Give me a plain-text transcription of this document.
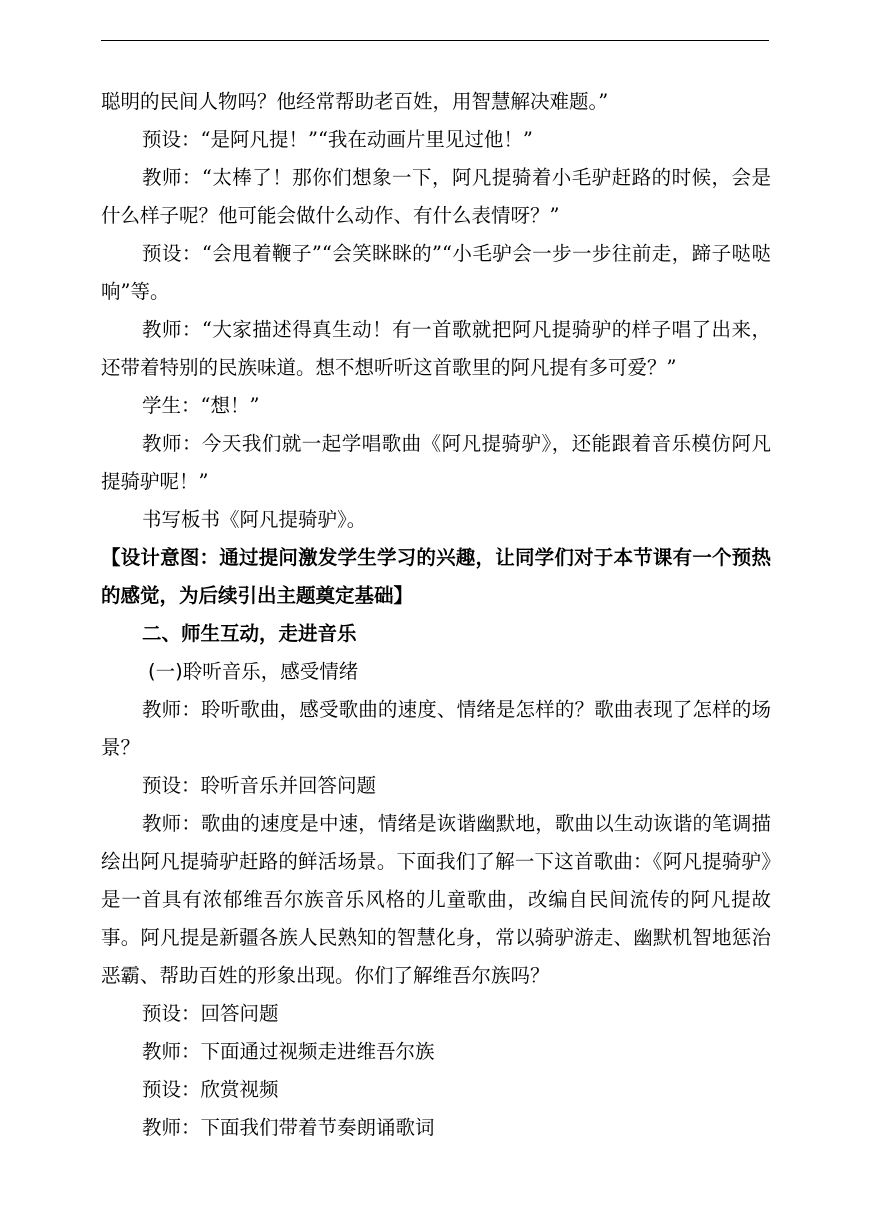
聪明的民间人物吗？他经常帮助老百姓，用智慧解决难题。”

预设：“是阿凡提！”“我在动画片里见过他！”

教师：“太棒了！那你们想象一下，阿凡提骑着小毛驴赶路的时候，会是什么样子呢？他可能会做什么动作、有什么表情呀？”

预设：“会甩着鞭子”“会笑眯眯的”“小毛驴会一步一步往前走，蹄子哒哒响”等。

教师：“大家描述得真生动！有一首歌就把阿凡提骑驴的样子唱了出来，还带着特别的民族味道。想不想听听这首歌里的阿凡提有多可爱？”

学生：“想！”

教师：今天我们就一起学唱歌曲《阿凡提骑驴》，还能跟着音乐模仿阿凡提骑驴呢！”

书写板书《阿凡提骑驴》。

【设计意图：通过提问激发学生学习的兴趣，让同学们对于本节课有一个预热的感觉，为后续引出主题奠定基础】

二、师生互动，走进音乐

(一)聆听音乐，感受情绪

教师：聆听歌曲，感受歌曲的速度、情绪是怎样的？歌曲表现了怎样的场景？

预设：聆听音乐并回答问题

教师：歌曲的速度是中速，情绪是诙谐幽默地，歌曲以生动诙谐的笔调描绘出阿凡提骑驴赶路的鲜活场景。下面我们了解一下这首歌曲：《阿凡提骑驴》是一首具有浓郁维吾尔族音乐风格的儿童歌曲，改编自民间流传的阿凡提故事。阿凡提是新疆各族人民熟知的智慧化身，常以骑驴游走、幽默机智地惩治恶霸、帮助百姓的形象出现。你们了解维吾尔族吗？

预设：回答问题

教师：下面通过视频走进维吾尔族

预设：欣赏视频

教师：下面我们带着节奏朗诵歌词
